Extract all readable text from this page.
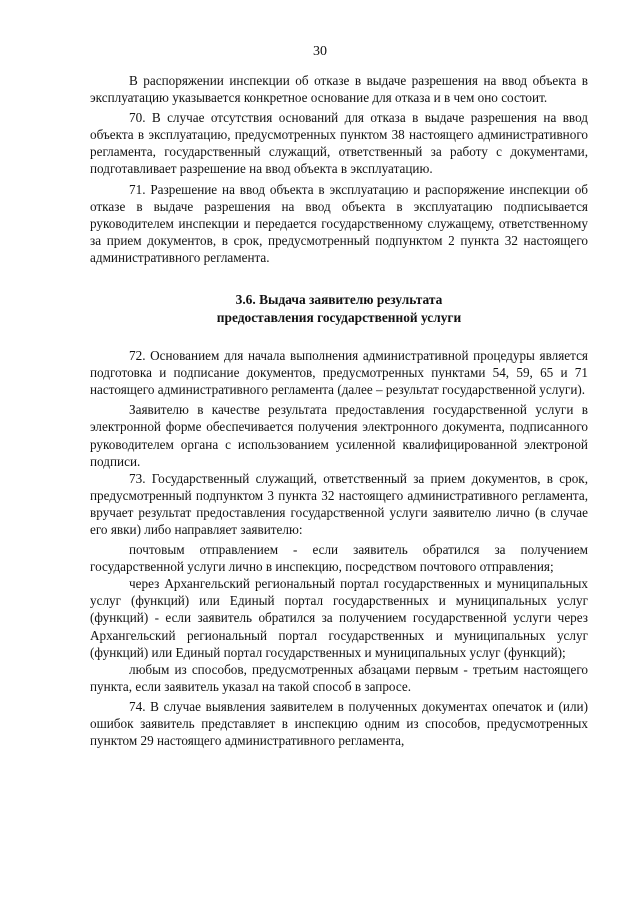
30

В распоряжении инспекции об отказе в выдаче разрешения на ввод объекта в эксплуатацию указывается конкретное основание для отказа и в чем оно состоит.

70. В случае отсутствия оснований для отказа в выдаче разрешения на ввод объекта в эксплуатацию, предусмотренных пунктом 38 настоящего административного регламента, государственный служащий, ответственный за работу с документами, подготавливает разрешение на ввод объекта в эксплуатацию.

71. Разрешение на ввод объекта в эксплуатацию и распоряжение инспекции об отказе в выдаче разрешения на ввод объекта в эксплуатацию подписывается руководителем инспекции и передается государственному служащему, ответственному за прием документов, в срок, предусмотренный подпунктом 2 пункта 32 настоящего административного регламента.

3.6. Выдача заявителю результата
предоставления государственной услуги

72. Основанием для начала выполнения административной процедуры является подготовка и подписание документов, предусмотренных пунктами 54, 59, 65 и 71 настоящего административного регламента (далее – результат государственной услуги).

Заявителю в качестве результата предоставления государственной услуги в электронной форме обеспечивается получения электронного документа, подписанного руководителем органа с использованием усиленной квалифицированной электроной подписи.

73. Государственный служащий, ответственный за прием документов, в срок, предусмотренный подпунктом 3 пункта 32 настоящего административного регламента, вручает результат предоставления государственной услуги заявителю лично (в случае его явки) либо направляет заявителю:

почтовым отправлением - если заявитель обратился за получением государственной услуги лично в инспекцию, посредством почтового отправления;

через Архангельский региональный портал государственных и муниципальных услуг (функций) или Единый портал государственных и муниципальных услуг (функций) - если заявитель обратился за получением государственной услуги через Архангельский региональный портал государственных и муниципальных услуг (функций) или Единый портал государственных и муниципальных услуг (функций);

любым из способов, предусмотренных абзацами первым - третьим настоящего пункта, если заявитель указал на такой способ в запросе.

74. В случае выявления заявителем в полученных документах опечаток и (или) ошибок заявитель представляет в инспекцию одним из способов, предусмотренных пунктом 29 настоящего административного регламента,
